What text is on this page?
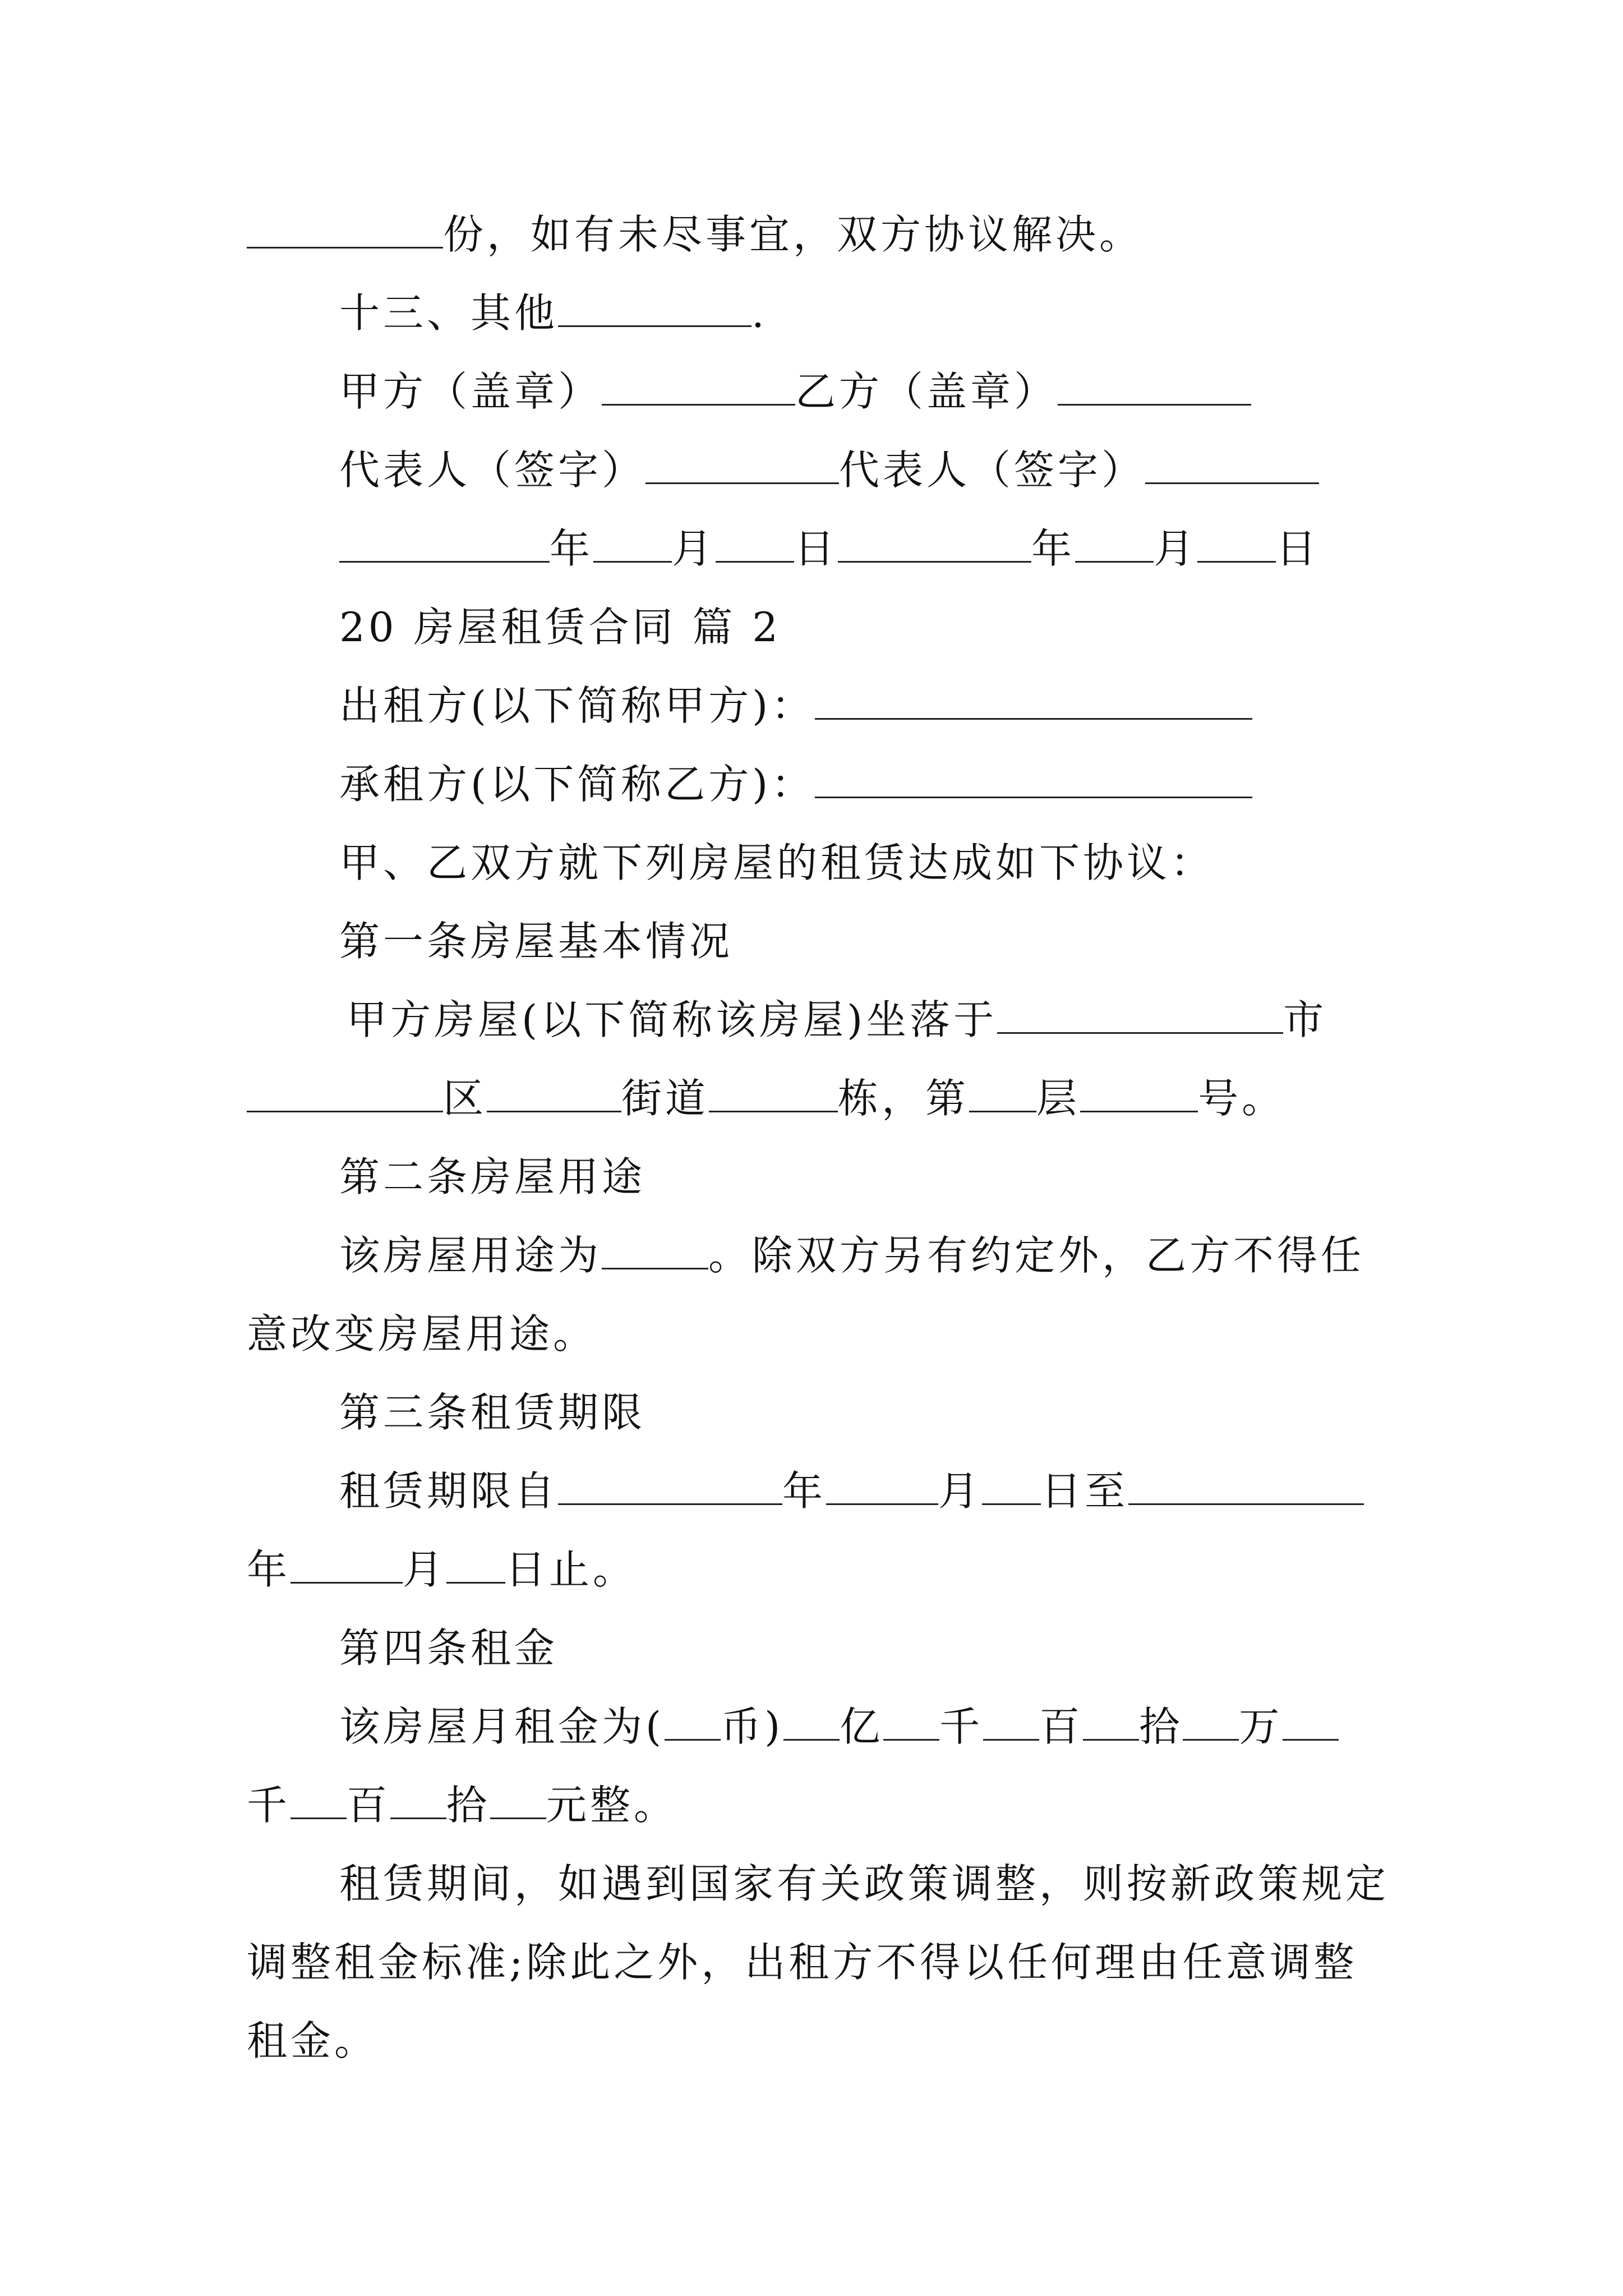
份，如有未尽事宜，双方协议解决。
十三、其他	.
甲方（盖章）	乙方（盖章）
代表人（签字）	代表人（签字）
年 月 日	年 月 日
20 房屋租赁合同 篇 2
出租方(以下简称甲方)：
承租方(以下简称乙方)：
甲、乙双方就下列房屋的租赁达成如下协议：
第一条房屋基本情况
甲方房屋(以下简称该房屋)坐落于	市
区	街道	栋，第 层	号。
第二条房屋用途
该房屋用途为	。除双方另有约定外，乙方不得任
意改变房屋用途。
第三条租赁期限
租赁期限自	年	月 日至
年	月 日止。
第四条租金
该房屋月租金为( 币) 亿 千 百 拾 万
千 百 拾 元整。
租赁期间，如遇到国家有关政策调整，则按新政策规定
调整租金标准;除此之外，出租方不得以任何理由任意调整
租金。
